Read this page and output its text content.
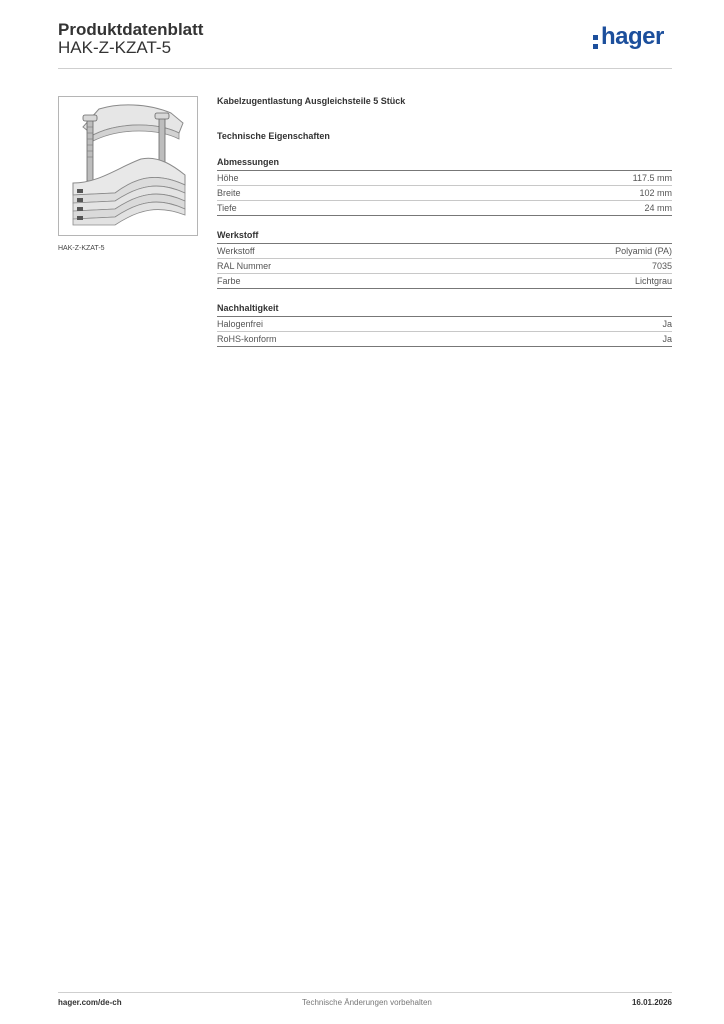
Produktdatenblatt
HAK-Z-KZAT-5	hager
HAK-Z-KZAT-5
Kabelzugentlastung Ausgleichsteile 5 Stück
Technische Eigenschaften
Abmessungen
Höhe	117.5 mm
Breite	102 mm
Tiefe	24 mm
Werkstoff
Werkstoff	Polyamid (PA)
RAL Nummer	7035
Farbe	Lichtgrau
Nachhaltigkeit
Halogenfrei	Ja
RoHS-konform	Ja
hager.com/de-ch	Technische Änderungen vorbehalten	16.01.2026
